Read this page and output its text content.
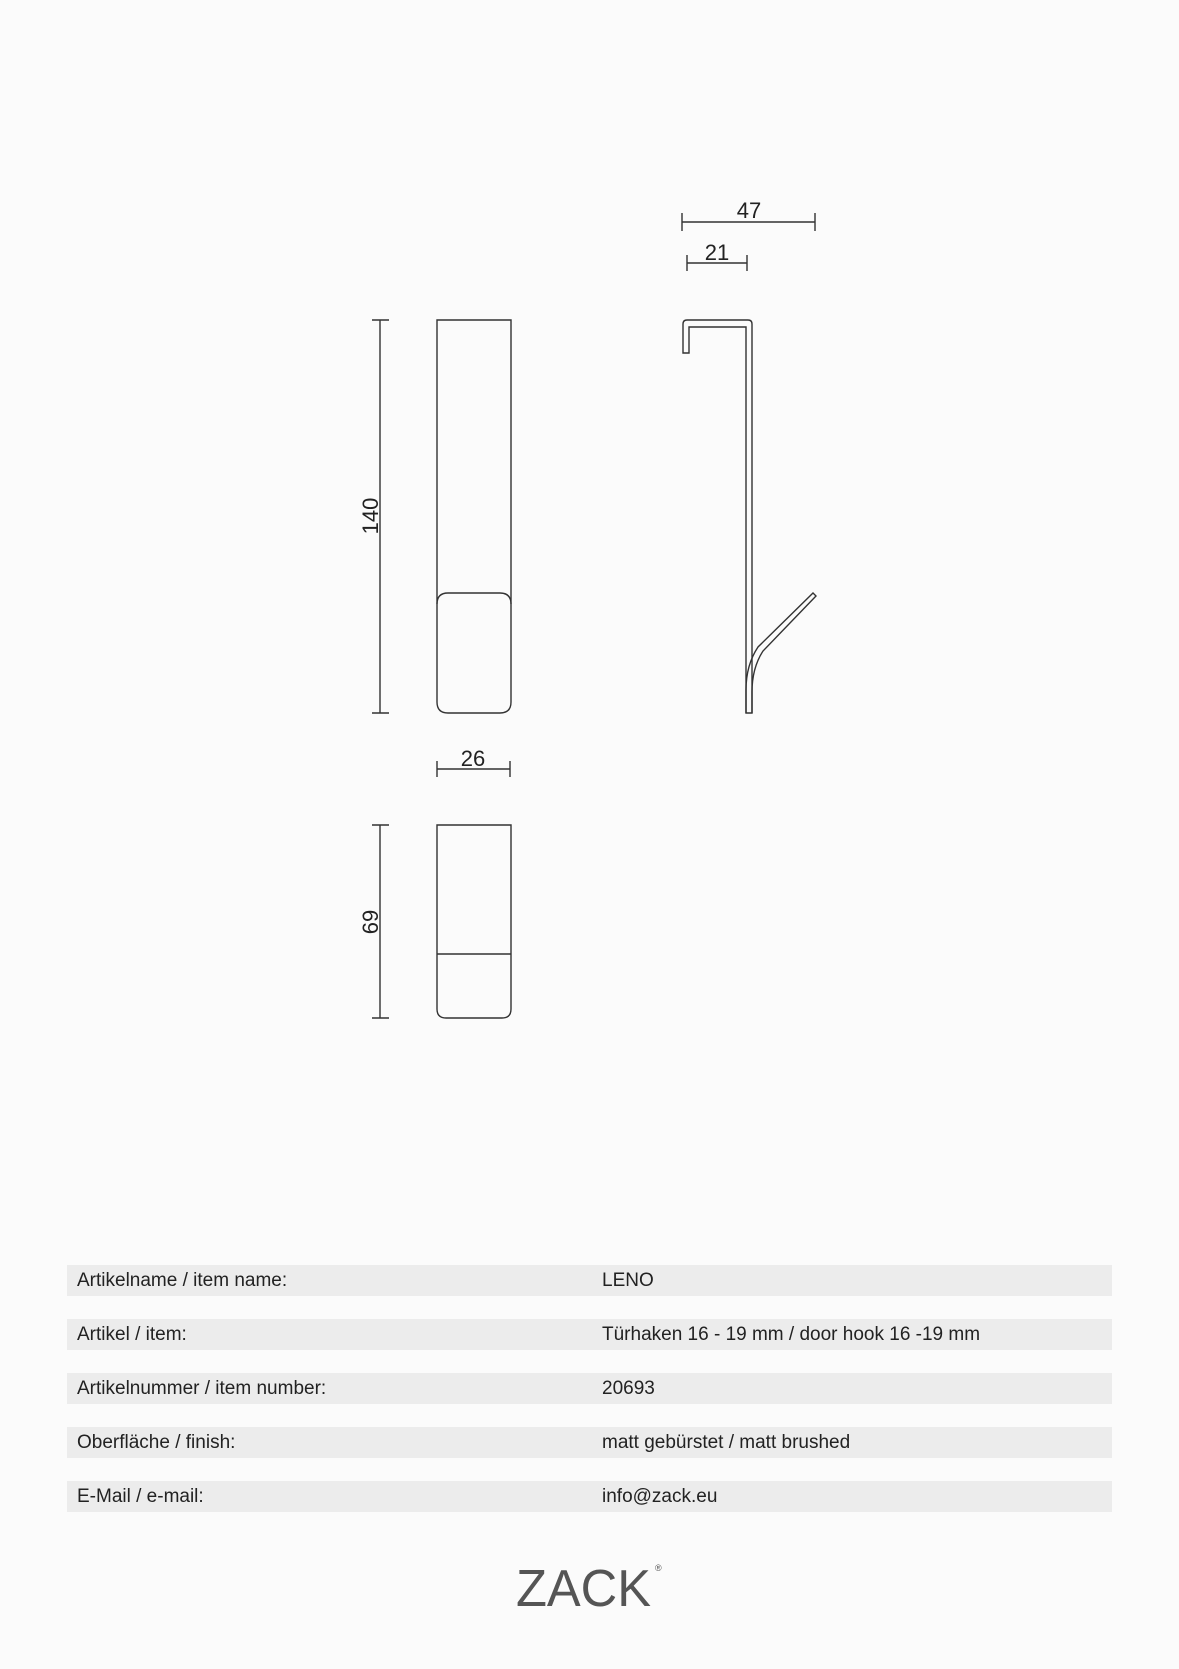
47
21
140
26
69
Artikelname / item name:	LENO
Artikel / item:	Türhaken 16 - 19 mm / door hook 16 -19 mm
Artikelnummer / item number:	20693
Oberfläche / finish:	matt gebürstet / matt brushed
E-Mail / e-mail:	info@zack.eu
ZACK ®
